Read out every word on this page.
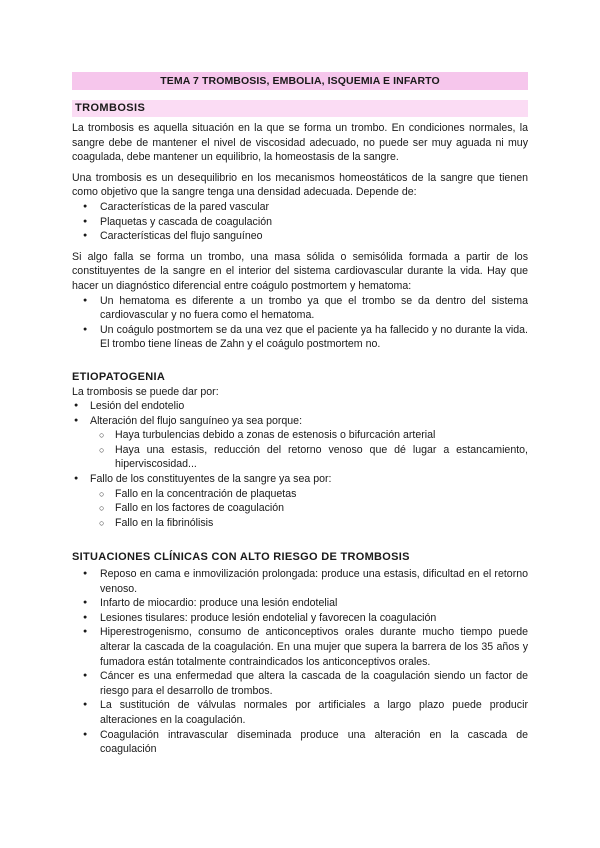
TEMA 7 TROMBOSIS, EMBOLIA, ISQUEMIA E INFARTO
TROMBOSIS

La trombosis es aquella situación en la que se forma un trombo. En condiciones normales, la sangre debe de mantener el nivel de viscosidad adecuado, no puede ser muy aguada ni muy coagulada, debe mantener un equilibrio, la homeostasis de la sangre.

Una trombosis es un desequilibrio en los mecanismos homeostáticos de la sangre que tienen como objetivo que la sangre tenga una densidad adecuada. Depende de:

● Características de la pared vascular
● Plaquetas y cascada de coagulación
● Características del flujo sanguíneo

Si algo falla se forma un trombo, una masa sólida o semisólida formada a partir de los constituyentes de la sangre en el interior del sistema cardiovascular durante la vida. Hay que hacer un diagnóstico diferencial entre coágulo postmortem y hematoma:

● Un hematoma es diferente a un trombo ya que el trombo se da dentro del sistema cardiovascular y no fuera como el hematoma.
● Un coágulo postmortem se da una vez que el paciente ya ha fallecido y no durante la vida. El trombo tiene líneas de Zahn y el coágulo postmortem no.
ETIOPATOGENIA

La trombosis se puede dar por:

● Lesión del endotelio
● Alteración del flujo sanguíneo ya sea porque:
○ Haya turbulencias debido a zonas de estenosis o bifurcación arterial
○ Haya una estasis, reducción del retorno venoso que dé lugar a estancamiento, hiperviscosidad...
● Fallo de los constituyentes de la sangre ya sea por:
○ Fallo en la concentración de plaquetas
○ Fallo en los factores de coagulación
○ Fallo en la fibrinólisis
SITUACIONES CLÍNICAS CON ALTO RIESGO DE TROMBOSIS
● Reposo en cama e inmovilización prolongada: produce una estasis, dificultad en el retorno venoso.
● Infarto de miocardio: produce una lesión endotelial
● Lesiones tisulares: produce lesión endotelial y favorecen la coagulación
● Hiperestrogenismo, consumo de anticonceptivos orales durante mucho tiempo puede alterar la cascada de la coagulación. En una mujer que supera la barrera de los 35 años y fumadora están totalmente contraindicados los anticonceptivos orales.
● Cáncer es una enfermedad que altera la cascada de la coagulación siendo un factor de riesgo para el desarrollo de trombos.
● La sustitución de válvulas normales por artificiales a largo plazo puede producir alteraciones en la coagulación.
● Coagulación intravascular diseminada produce una alteración en la cascada de coagulación
